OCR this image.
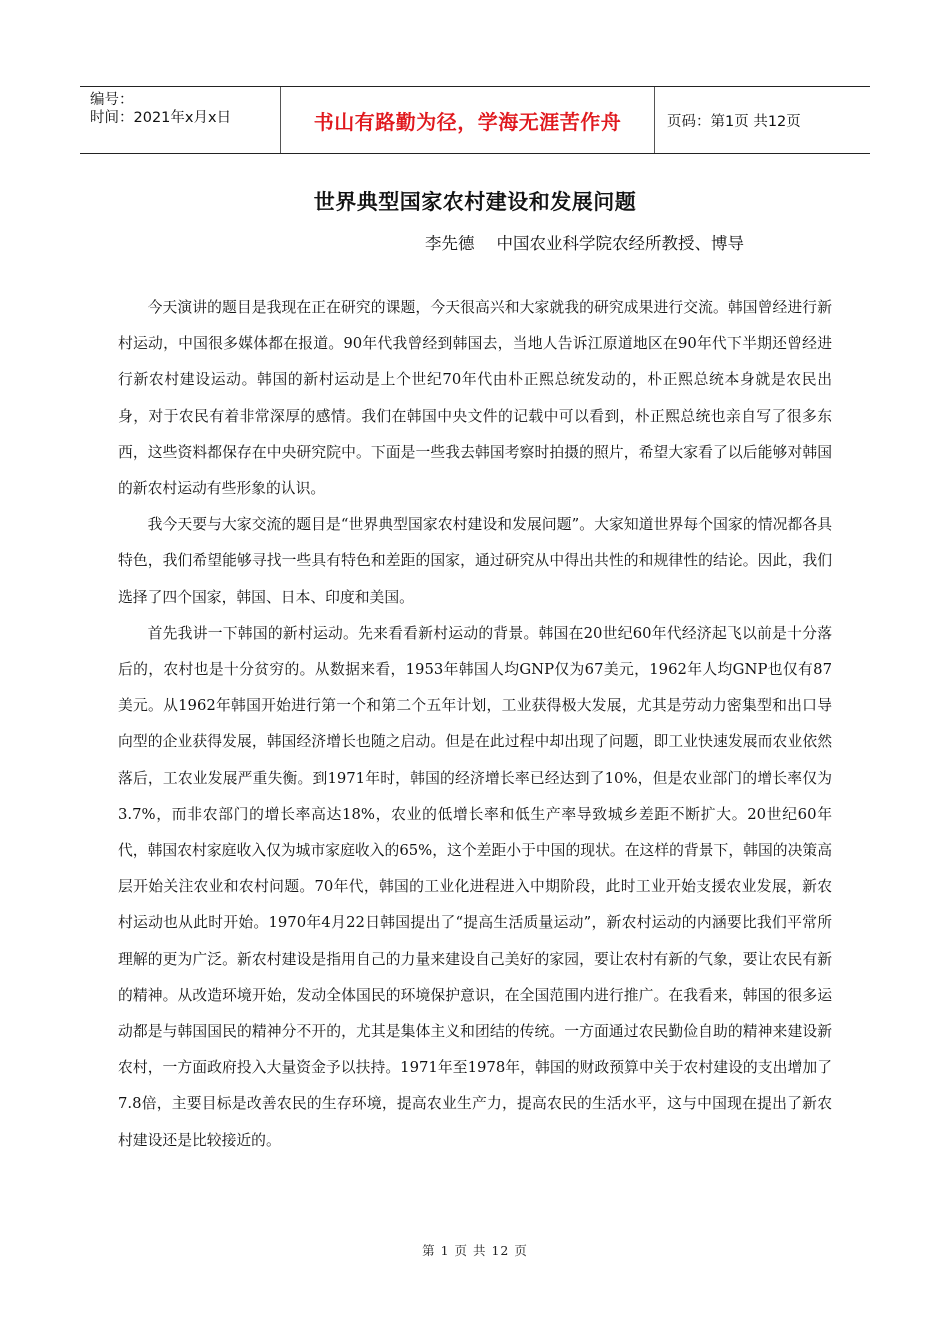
编号：
时间：2021年x月x日	书山有路勤为径，学海无涯苦作舟	页码：第1页 共12页
世界典型国家农村建设和发展问题
李先德 中国农业科学院农经所教授、博导

今天演讲的题目是我现在正在研究的课题，今天很高兴和大家就我的研究成果进行交流。韩国曾经进行新村运动，中国很多媒体都在报道。90年代我曾经到韩国去，当地人告诉江原道地区在90年代下半期还曾经进行新农村建设运动。韩国的新村运动是上个世纪70年代由朴正熙总统发动的，朴正熙总统本身就是农民出身，对于农民有着非常深厚的感情。我们在韩国中央文件的记载中可以看到，朴正熙总统也亲自写了很多东西，这些资料都保存在中央研究院中。下面是一些我去韩国考察时拍摄的照片，希望大家看了以后能够对韩国的新农村运动有些形象的认识。

我今天要与大家交流的题目是“世界典型国家农村建设和发展问题”。大家知道世界每个国家的情况都各具特色，我们希望能够寻找一些具有特色和差距的国家，通过研究从中得出共性的和规律性的结论。因此，我们选择了四个国家，韩国、日本、印度和美国。

首先我讲一下韩国的新村运动。先来看看新村运动的背景。韩国在20世纪60年代经济起飞以前是十分落后的，农村也是十分贫穷的。从数据来看，1953年韩国人均GNP仅为67美元，1962年人均GNP也仅有87美元。从1962年韩国开始进行第一个和第二个五年计划，工业获得极大发展，尤其是劳动力密集型和出口导向型的企业获得发展，韩国经济增长也随之启动。但是在此过程中却出现了问题，即工业快速发展而农业依然落后，工农业发展严重失衡。到1971年时，韩国的经济增长率已经达到了10%，但是农业部门的增长率仅为3.7%，而非农部门的增长率高达18%，农业的低增长率和低生产率导致城乡差距不断扩大。20世纪60年代，韩国农村家庭收入仅为城市家庭收入的65%，这个差距小于中国的现状。在这样的背景下，韩国的决策高层开始关注农业和农村问题。70年代，韩国的工业化进程进入中期阶段，此时工业开始支援农业发展，新农村运动也从此时开始。1970年4月22日韩国提出了“提高生活质量运动”，新农村运动的内涵要比我们平常所理解的更为广泛。新农村建设是指用自己的力量来建设自己美好的家园，要让农村有新的气象，要让农民有新的精神。从改造环境开始，发动全体国民的环境保护意识，在全国范围内进行推广。在我看来，韩国的很多运动都是与韩国国民的精神分不开的，尤其是集体主义和团结的传统。一方面通过农民勤俭自助的精神来建设新农村，一方面政府投入大量资金予以扶持。1971年至1978年，韩国的财政预算中关于农村建设的支出增加了7.8倍，主要目标是改善农民的生存环境，提高农业生产力，提高农民的生活水平，这与中国现在提出了新农村建设还是比较接近的。

第 1 页 共 12 页
